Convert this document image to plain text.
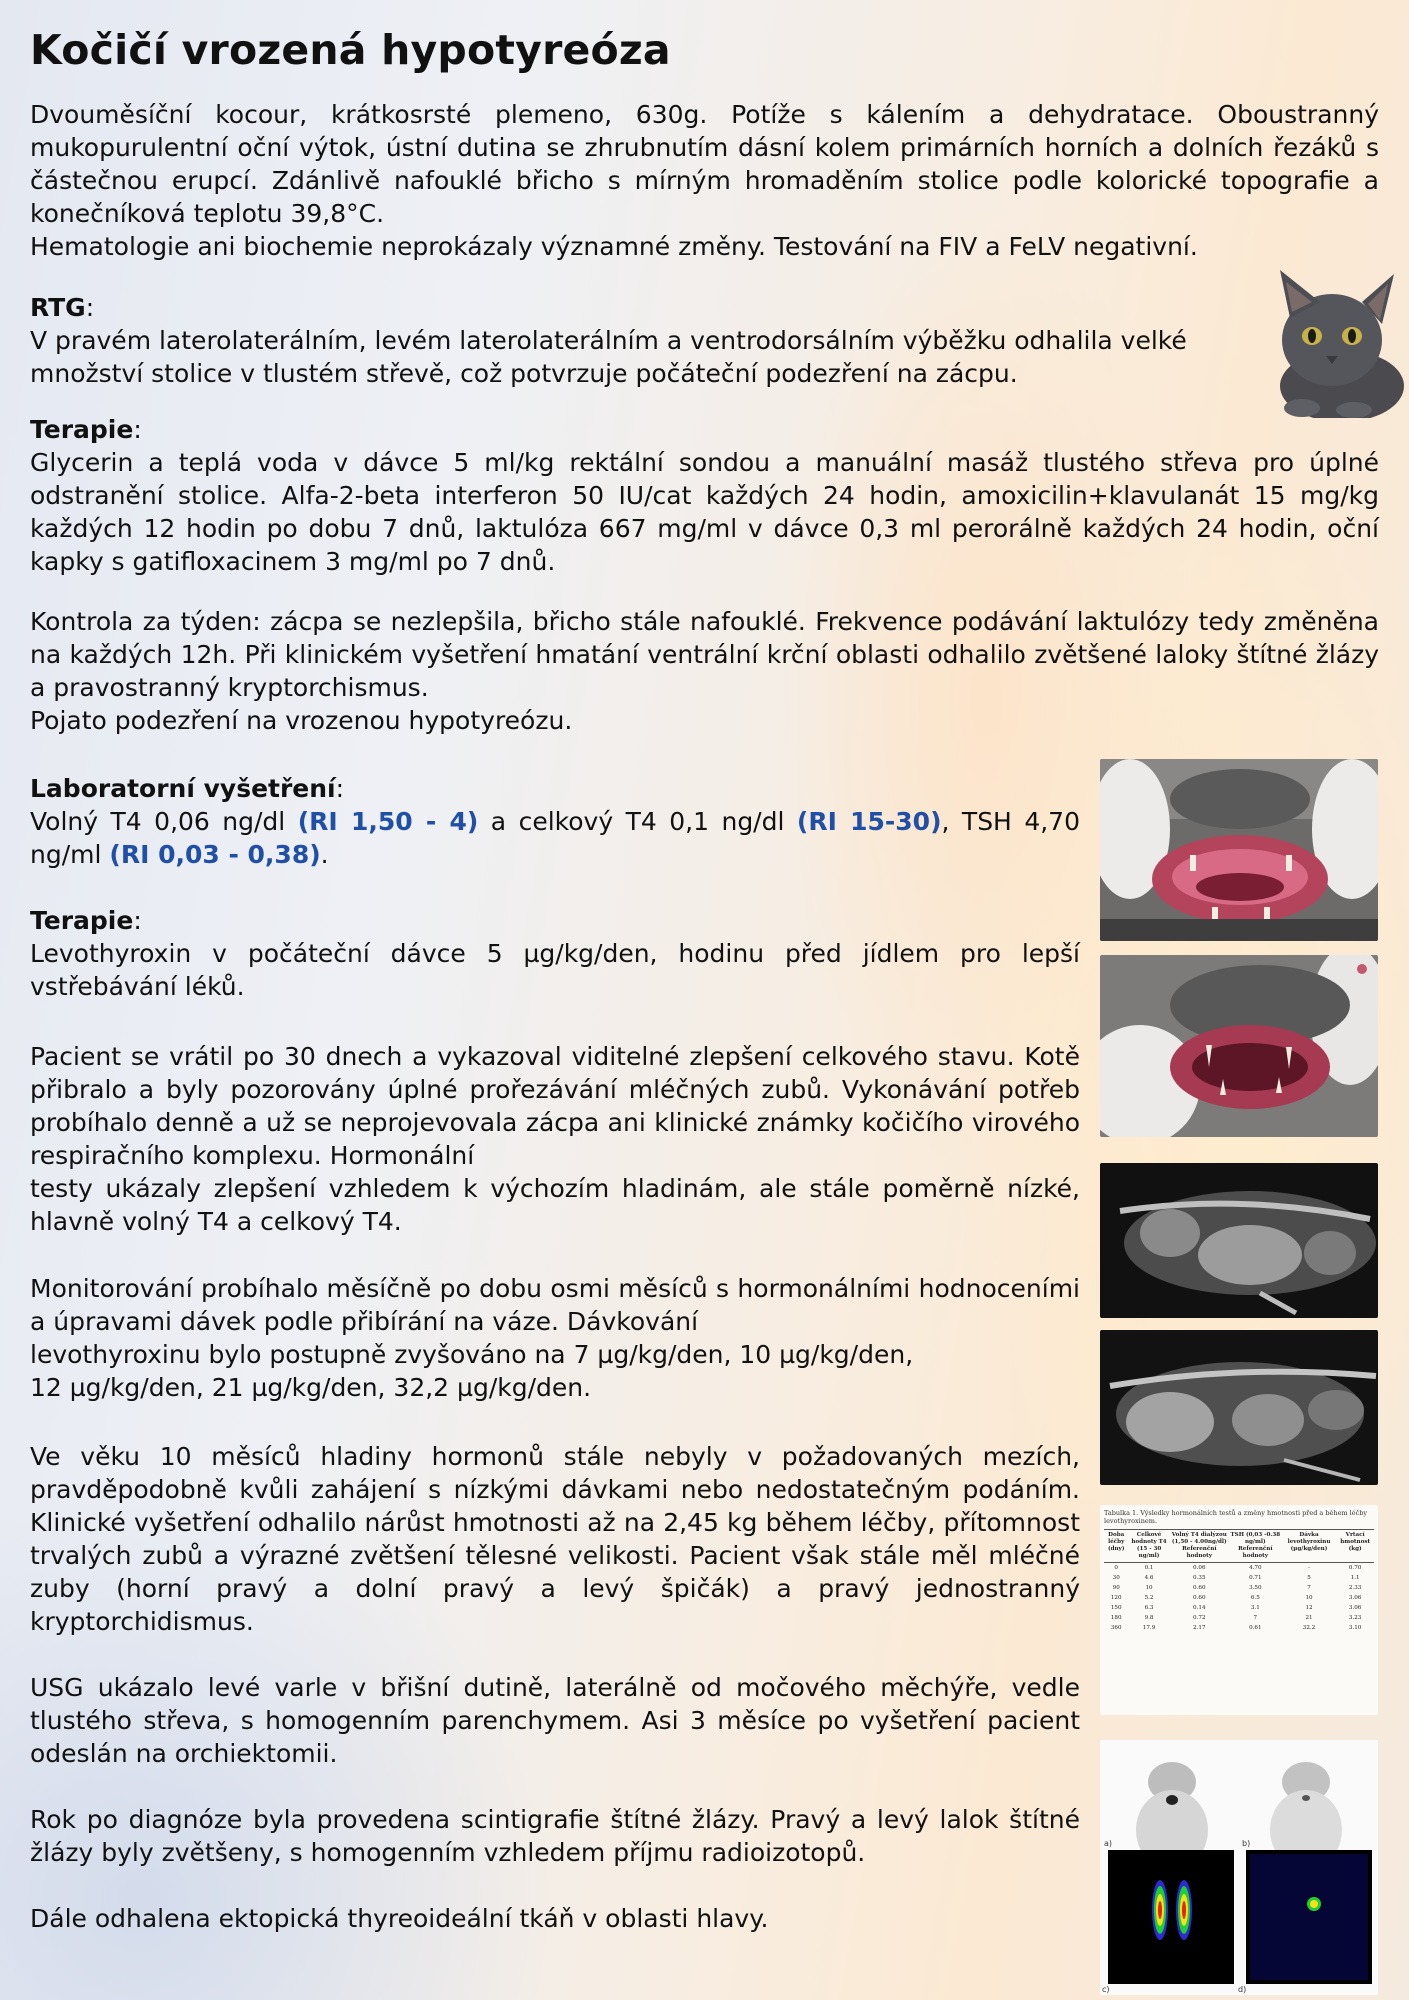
Kočičí vrozená hypotyreóza

Dvouměsíční kocour, krátkosrsté plemeno, 630g. Potíže s kálením a dehydratace. Oboustranný mukopurulentní oční výtok, ústní dutina se zhrubnutím dásní kolem primárních horních a dolních řezáků s částečnou erupcí. Zdánlivě nafouklé břicho s mírným hromaděním stolice podle kolorické topografie a konečníková teplotu 39,8°C.

Hematologie ani biochemie neprokázaly významné změny. Testování na FIV a FeLV negativní.

RTG:

V pravém laterolaterálním, levém laterolaterálním a ventrodorsálním výběžku odhalila velké množství stolice v tlustém střevě, což potvrzuje počáteční podezření na zácpu.

Terapie:

Glycerin a teplá voda v dávce 5 ml/kg rektální sondou a manuální masáž tlustého střeva pro úplné odstranění stolice. Alfa-2-beta interferon 50 IU/cat každých 24 hodin, amoxicilin+klavulanát 15 mg/kg každých 12 hodin po dobu 7 dnů, laktulóza 667 mg/ml v dávce 0,3 ml perorálně každých 24 hodin, oční kapky s gatifloxacinem 3 mg/ml po 7 dnů.

Kontrola za týden: zácpa se nezlepšila, břicho stále nafouklé. Frekvence podávání laktulózy tedy změněna na každých 12h. Při klinickém vyšetření hmatání ventrální krční oblasti odhalilo zvětšené laloky štítné žlázy a pravostranný kryptorchismus.

Pojato podezření na vrozenou hypotyreózu.

Laboratorní vyšetření:

Volný T4 0,06 ng/dl (RI 1,50 - 4) a celkový T4 0,1 ng/dl (RI 15-30), TSH 4,70 ng/ml (RI 0,03 - 0,38).

Terapie:

Levothyroxin v počáteční dávce 5 µg/kg/den, hodinu před jídlem pro lepší vstřebávání léků.

Pacient se vrátil po 30 dnech a vykazoval viditelné zlepšení celkového stavu. Kotě přibralo a byly pozorovány úplné prořezávání mléčných zubů. Vykonávání potřeb probíhalo denně a už se neprojevovala zácpa ani klinické známky kočičího virového respiračního komplexu. Hormonální

testy ukázaly zlepšení vzhledem k výchozím hladinám, ale stále poměrně nízké, hlavně volný T4 a celkový T4.

Monitorování probíhalo měsíčně po dobu osmi měsíců s hormonálními hodnoceními a úpravami dávek podle přibírání na váze. Dávkování

levothyroxinu bylo postupně zvyšováno na 7 µg/kg/den, 10 µg/kg/den,

12 µg/kg/den, 21 µg/kg/den, 32,2 µg/kg/den.

Ve věku 10 měsíců hladiny hormonů stále nebyly v požadovaných mezích, pravděpodobně kvůli zahájení s nízkými dávkami nebo nedostatečným podáním. Klinické vyšetření odhalilo nárůst hmotnosti až na 2,45 kg během léčby, přítomnost trvalých zubů a výrazné zvětšení tělesné velikosti. Pacient však stále měl mléčné zuby (horní pravý a dolní pravý a levý špičák) a pravý jednostranný kryptorchidismus.

USG ukázalo levé varle v břišní dutině, laterálně od močového měchýře, vedle tlustého střeva, s homogenním parenchymem. Asi 3 měsíce po vyšetření pacient odeslán na orchiektomii.

Rok po diagnóze byla provedena scintigrafie štítné žlázy. Pravý a levý lalok štítné žlázy byly zvětšeny, s homogenním vzhledem příjmu radioizotopů.

Dále odhalena ektopická thyreoideální tkáň v oblasti hlavy.

Tabulka 1. Výsledky hormonálních testů a změny hmotnosti před a během léčby levothyroxinem.
Doba léčby (dny)	Celkové hodnoty T4 (15 - 30 ng/ml)	Volný T4 dialýzou (1,50 - 4.00ng/dl) Referenční hodnoty	TSH (0,03 -0.38 ng/ml) Referenční hodnoty	Dávka levothyroxinu (µg/kg/den)	Vrtací hmotnost (kg)
0	0.1	0.06	4.70	-	0.70
30	4.6	0.35	0.71	5	1.1
90	10	0.60	3.50	7	2.33
120	5.2	0.60	6.5	10	3.06
150	6.3	0.14	3.1	12	3.06
180	9.8	0.72	7	21	3.23
360	17.9	2.17	0.61	32.2	3.10
a)	b)
c)	d)
